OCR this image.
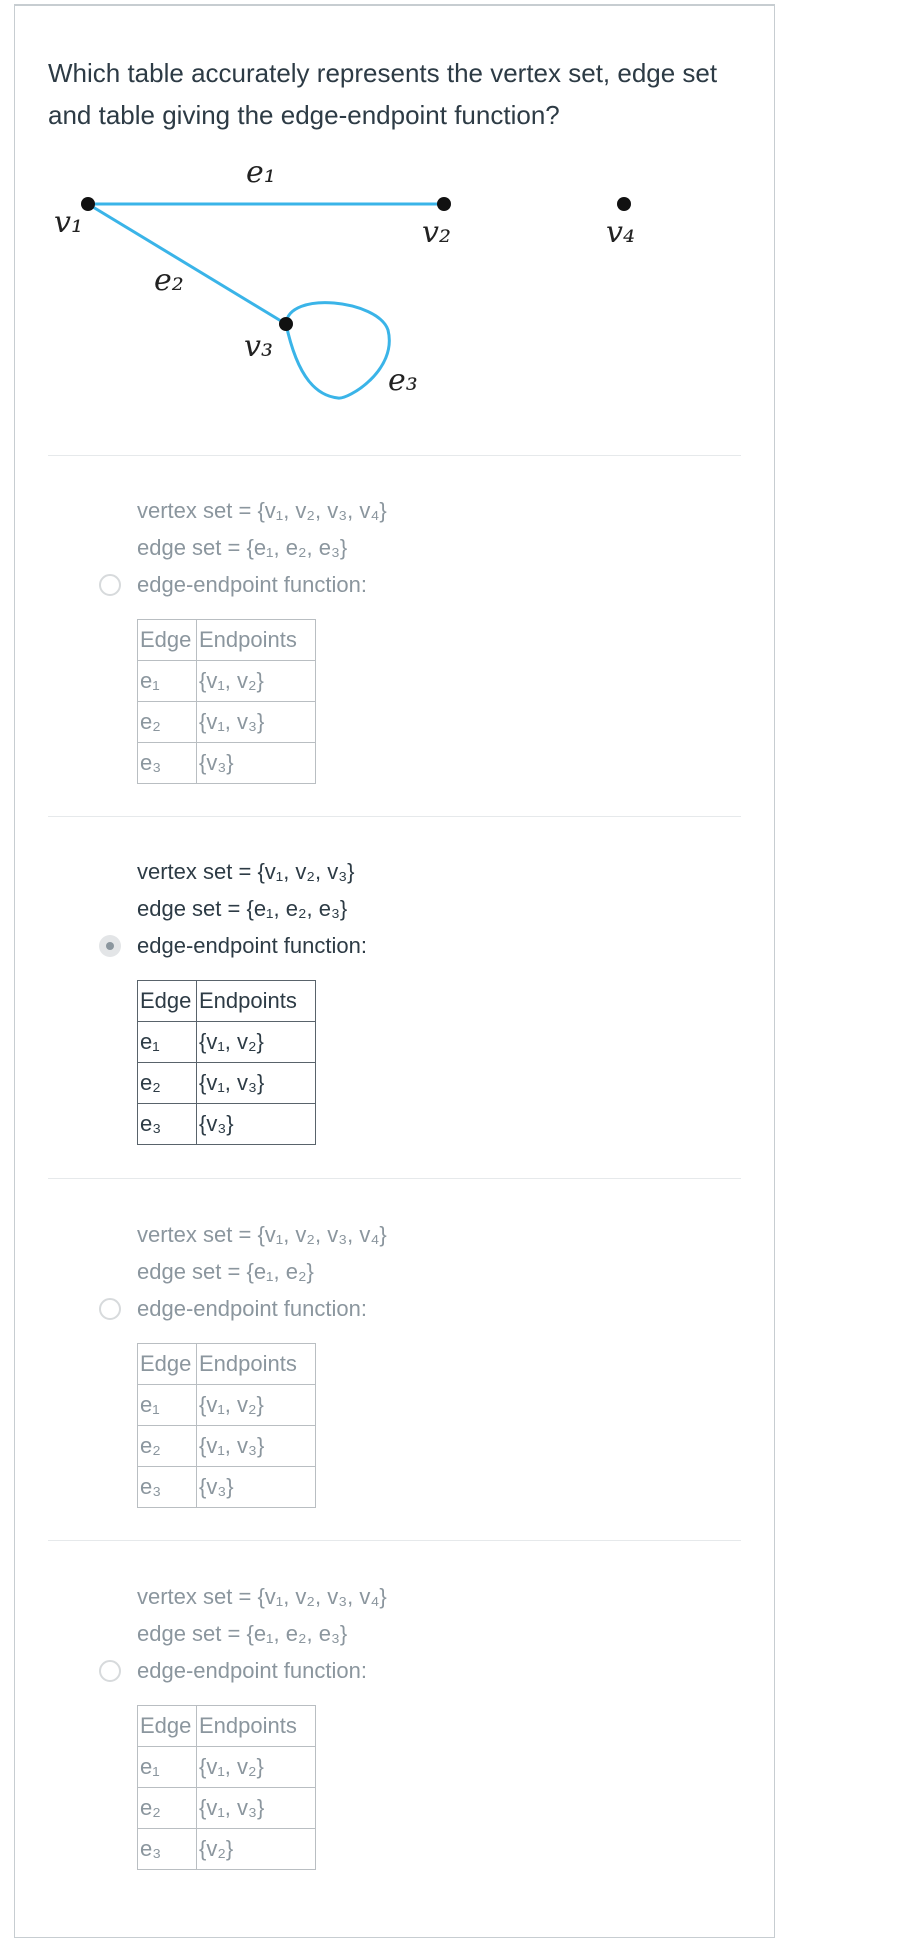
Which table accurately represents the vertex set, edge set and table giving the edge-endpoint function?
e₁
v₁	v₂
e₂
v₃
e₃
v₄
vertex set = {v₁, v₂, v₃, v₄}
edge set = {e₁, e₂, e₃}
edge-endpoint function:
Edge	Endpoints
e₁	{v₁, v₂}
e₂	{v₁, v₃}
e₃	{v₃}
vertex set = {v₁, v₂, v₃}
edge set = {e₁, e₂, e₃}
edge-endpoint function:
Edge	Endpoints
e₁	{v₁, v₂}
e₂	{v₁, v₃}
e₃	{v₃}
vertex set = {v₁, v₂, v₃, v₄}
edge set = {e₁, e₂}
edge-endpoint function:
Edge	Endpoints
e₁	{v₁, v₂}
e₂	{v₁, v₃}
e₃	{v₃}
vertex set = {v₁, v₂, v₃, v₄}
edge set = {e₁, e₂, e₃}
edge-endpoint function:
Edge	Endpoints
e₁	{v₁, v₂}
e₂	{v₁, v₃}
e₃	{v₂}
